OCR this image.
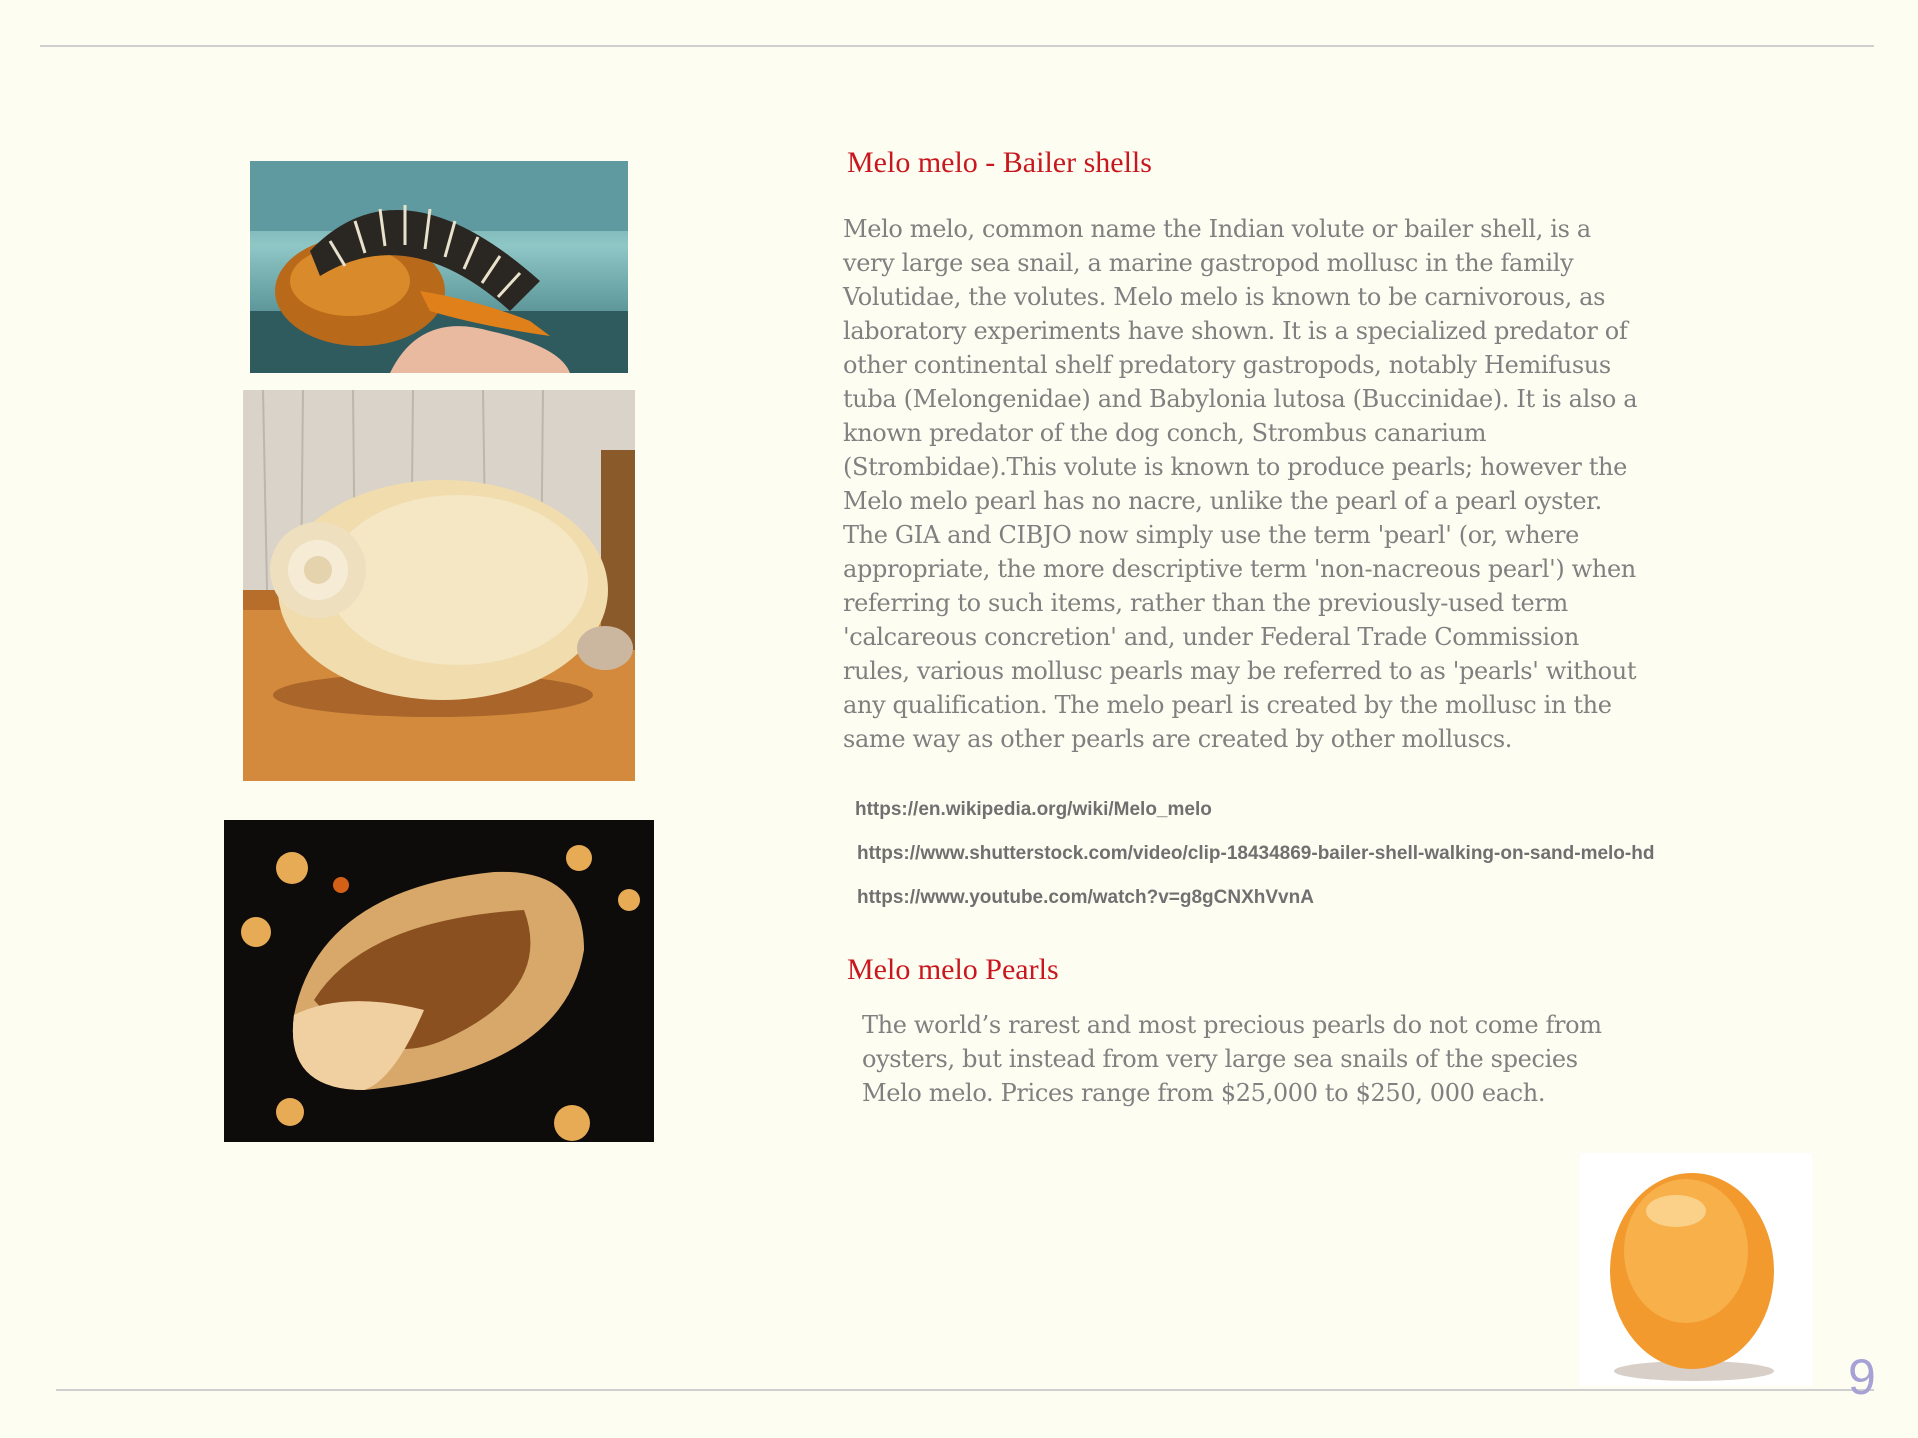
Melo melo - Bailer shells
Melo melo, common name the Indian volute or bailer shell, is a
very large sea snail, a marine gastropod mollusc in the family
Volutidae, the volutes. Melo melo is known to be carnivorous, as
laboratory experiments have shown. It is a specialized predator of
other continental shelf predatory gastropods, notably Hemifusus
tuba (Melongenidae) and Babylonia lutosa (Buccinidae). It is also a
known predator of the dog conch, Strombus canarium
(Strombidae).This volute is known to produce pearls; however the
Melo melo pearl has no nacre, unlike the pearl of a pearl oyster.
The GIA and CIBJO now simply use the term 'pearl' (or, where
appropriate, the more descriptive term 'non-nacreous pearl') when
referring to such items, rather than the previously-used term
'calcareous concretion' and, under Federal Trade Commission
rules, various mollusc pearls may be referred to as 'pearls' without
any qualification. The melo pearl is created by the mollusc in the
same way as other pearls are created by other molluscs.
https://en.wikipedia.org/wiki/Melo_melo
https://www.shutterstock.com/video/clip-18434869-bailer-shell-walking-on-sand-melo-hd
https://www.youtube.com/watch?v=g8gCNXhVvnA
Melo melo Pearls
The world’s rarest and most precious pearls do not come from
oysters, but instead from very large sea snails of the species
Melo melo. Prices range from $25,000 to $250, 000 each.
9
